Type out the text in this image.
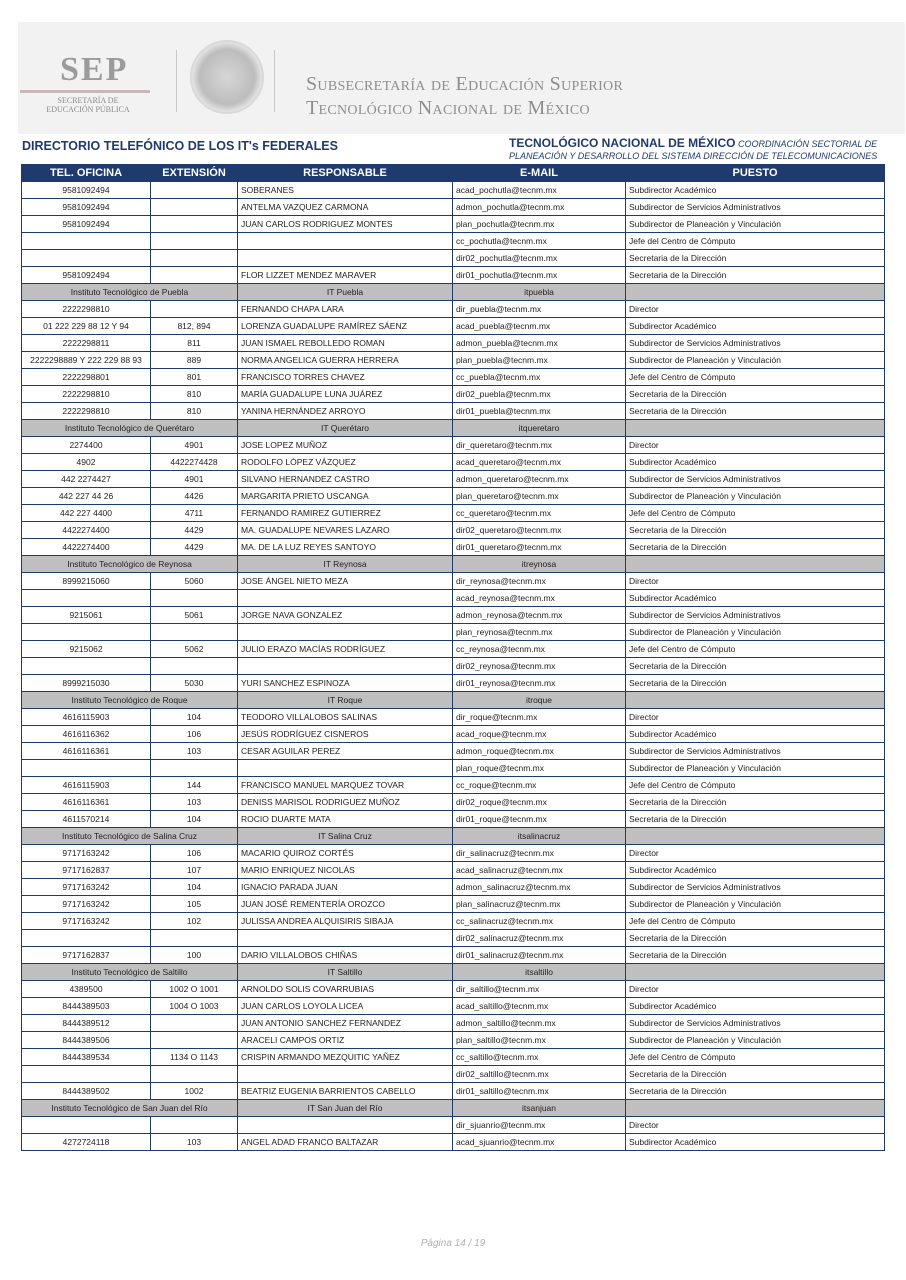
SEP
SECRETARÍA DE EDUCACIÓN PÚBLICA
Subsecretaría de Educación Superior
Tecnológico Nacional de México
DIRECTORIO TELEFÓNICO DE LOS IT's FEDERALES	TECNOLÓGICO NACIONAL DE MÉXICO COORDINACIÓN SECTORIAL DE
PLANEACIÓN Y DESARROLLO DEL SISTEMA DIRECCIÓN DE TELECOMUNICACIONES
TEL. OFICINA	EXTENSIÓN	RESPONSABLE	E-MAIL	PUESTO
9581092494		SOBERANES	acad_pochutla@tecnm.mx	Subdirector Académico
9581092494		ANTELMA VAZQUEZ CARMONA	admon_pochutla@tecnm.mx	Subdirector de Servicios Administrativos
9581092494		JUAN CARLOS RODRIGUEZ MONTES	plan_pochutla@tecnm.mx	Subdirector de Planeación y Vinculación
			cc_pochutla@tecnm.mx	Jefe del Centro de Cómputo
			dir02_pochutla@tecnm.mx	Secretaria de la Dirección
9581092494		FLOR LIZZET MENDEZ MARAVER	dir01_pochutla@tecnm.mx	Secretaria de la Dirección
Instituto Tecnológico de Puebla		IT Puebla	itpuebla	
2222298810		FERNANDO CHAPA LARA	dir_puebla@tecnm.mx	Director
01 222 229 88 12 Y 94	812, 894	LORENZA GUADALUPE RAMÍREZ SÁENZ	acad_puebla@tecnm.mx	Subdirector Académico
2222298811	811	JUAN ISMAEL REBOLLEDO ROMAN	admon_puebla@tecnm.mx	Subdirector de Servicios Administrativos
2222298889 Y 222 229 88 93	889	NORMA ANGELICA GUERRA HERRERA	plan_puebla@tecnm.mx	Subdirector de Planeación y Vinculación
2222298801	801	FRANCISCO TORRES CHAVEZ	cc_puebla@tecnm.mx	Jefe del Centro de Cómputo
2222298810	810	MARÍA GUADALUPE LUNA JUÁREZ	dir02_puebla@tecnm.mx	Secretaria de la Dirección
2222298810	810	YANINA HERNÁNDEZ ARROYO	dir01_puebla@tecnm.mx	Secretaria de la Dirección
Instituto Tecnológico de Querétaro		IT Querétaro	itqueretaro	
2274400	4901	JOSE LOPEZ MUÑOZ	dir_queretaro@tecnm.mx	Director
4902	4422274428	RODOLFO LÓPEZ VÁZQUEZ	acad_queretaro@tecnm.mx	Subdirector Académico
442 2274427	4901	SILVANO HERNANDEZ CASTRO	admon_queretaro@tecnm.mx	Subdirector de Servicios Administrativos
442 227 44 26	4426	MARGARITA PRIETO USCANGA	plan_queretaro@tecnm.mx	Subdirector de Planeación y Vinculación
442 227 4400	4711	FERNANDO RAMIREZ GUTIERREZ	cc_queretaro@tecnm.mx	Jefe del Centro de Cómputo
4422274400	4429	MA. GUADALUPE NEVARES LAZARO	dir02_queretaro@tecnm.mx	Secretaria de la Dirección
4422274400	4429	MA. DE LA LUZ REYES SANTOYO	dir01_queretaro@tecnm.mx	Secretaria de la Dirección
Instituto Tecnológico de Reynosa		IT Reynosa	itreynosa	
8999215060	5060	JOSE ÁNGEL NIETO MEZA	dir_reynosa@tecnm.mx	Director
			acad_reynosa@tecnm.mx	Subdirector Académico
9215061	5061	JORGE NAVA GONZALEZ	admon_reynosa@tecnm.mx	Subdirector de Servicios Administrativos
			plan_reynosa@tecnm.mx	Subdirector de Planeación y Vinculación
9215062	5062	JULIO ERAZO MACÍAS RODRÍGUEZ	cc_reynosa@tecnm.mx	Jefe del Centro de Cómputo
			dir02_reynosa@tecnm.mx	Secretaria de la Dirección
8999215030	5030	YURI SANCHEZ ESPINOZA	dir01_reynosa@tecnm.mx	Secretaria de la Dirección
Instituto Tecnológico de Roque		IT Roque	itroque	
4616115903	104	TEODORO VILLALOBOS SALINAS	dir_roque@tecnm.mx	Director
4616116362	106	JESÚS RODRÍGUEZ CISNEROS	acad_roque@tecnm.mx	Subdirector Académico
4616116361	103	CESAR AGUILAR PEREZ	admon_roque@tecnm.mx	Subdirector de Servicios Administrativos
			plan_roque@tecnm.mx	Subdirector de Planeación y Vinculación
4616115903	144	FRANCISCO MANUEL MARQUEZ TOVAR	cc_roque@tecnm.mx	Jefe del Centro de Cómputo
4616116361	103	DENISS MARISOL RODRIGUEZ MUÑOZ	dir02_roque@tecnm.mx	Secretaria de la Dirección
4611570214	104	ROCIO DUARTE MATA	dir01_roque@tecnm.mx	Secretaria de la Dirección
Instituto Tecnológico de Salina Cruz		IT Salina Cruz	itsalinacruz	
9717163242	106	MACARIO QUIROZ CORTÉS	dir_salinacruz@tecnm.mx	Director
9717162837	107	MARIO ENRIQUEZ NICOLÁS	acad_salinacruz@tecnm.mx	Subdirector Académico
9717163242	104	IGNACIO PARADA JUAN	admon_salinacruz@tecnm.mx	Subdirector de Servicios Administrativos
9717163242	105	JUAN JOSÉ REMENTERÍA OROZCO	plan_salinacruz@tecnm.mx	Subdirector de Planeación y Vinculación
9717163242	102	JULISSA ANDREA ALQUISIRIS SIBAJA	cc_salinacruz@tecnm.mx	Jefe del Centro de Cómputo
			dir02_salinacruz@tecnm.mx	Secretaria de la Dirección
9717162837	100	DARIO VILLALOBOS CHIÑAS	dir01_salinacruz@tecnm.mx	Secretaria de la Dirección
Instituto Tecnológico de Saltillo		IT Saltillo	itsaltillo	
4389500	1002 O 1001	ARNOLDO SOLIS COVARRUBIAS	dir_saltillo@tecnm.mx	Director
8444389503	1004 O 1003	JUAN CARLOS LOYOLA LICEA	acad_saltillo@tecnm.mx	Subdirector Académico
8444389512		JUAN ANTONIO SANCHEZ FERNANDEZ	admon_saltillo@tecnm.mx	Subdirector de Servicios Administrativos
8444389506		ARACELI CAMPOS ORTIZ	plan_saltillo@tecnm.mx	Subdirector de Planeación y Vinculación
8444389534	1134 O 1143	CRISPIN ARMANDO MEZQUITIC YAÑEZ	cc_saltillo@tecnm.mx	Jefe del Centro de Cómputo
			dir02_saltillo@tecnm.mx	Secretaria de la Dirección
8444389502	1002	BEATRIZ EUGENIA BARRIENTOS CABELLO	dir01_saltillo@tecnm.mx	Secretaria de la Dirección
Instituto Tecnológico de San Juan del Río		IT San Juan del Río	itsanjuan	
			dir_sjuanrio@tecnm.mx	Director
4272724118	103	ANGEL ADAD FRANCO BALTAZAR	acad_sjuanrio@tecnm.mx	Subdirector Académico
Página 14 / 19
